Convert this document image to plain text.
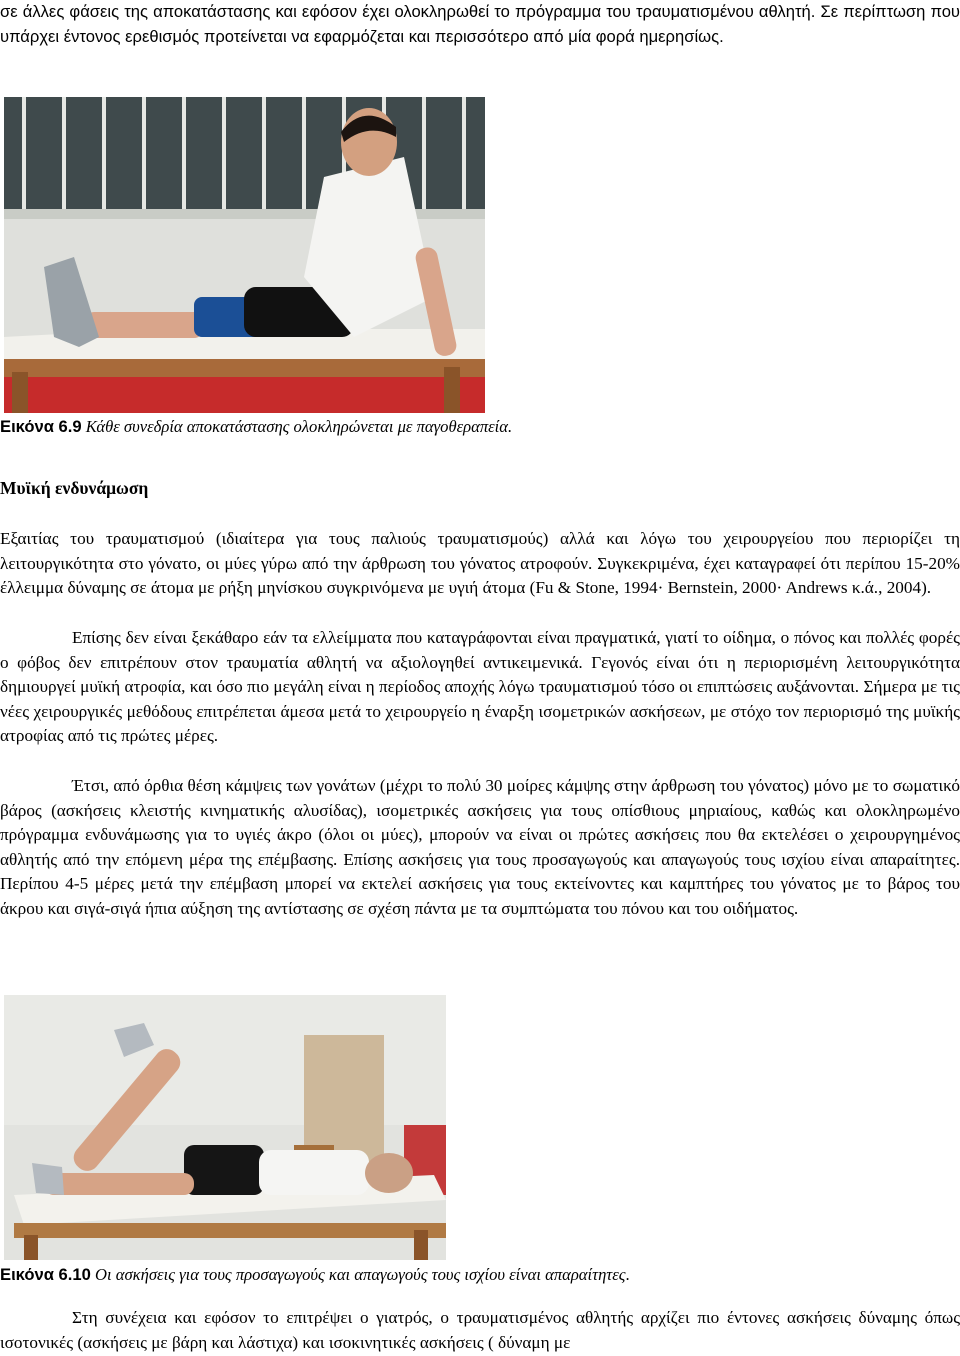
σε άλλες φάσεις της αποκατάστασης και εφόσον έχει ολοκληρωθεί το πρόγραμμα του τραυματισμένου αθλητή. Σε περίπτωση που υπάρχει έντονος ερεθισμός προτείνεται να εφαρμόζεται και περισσότερο από μία φορά ημερησίως.
Εικόνα 6.9 Κάθε συνεδρία αποκατάστασης ολοκληρώνεται με παγοθεραπεία.
Μυϊκή ενδυνάμωση
Εξαιτίας του τραυματισμού (ιδιαίτερα για τους παλιούς τραυματισμούς) αλλά και λόγω του χειρουργείου που περιορίζει τη λειτουργικότητα στο γόνατο, οι μύες γύρω από την άρθρωση του γόνατος ατροφούν. Συγκεκριμένα, έχει καταγραφεί ότι περίπου 15-20% έλλειμμα δύναμης σε άτομα με ρήξη μηνίσκου συγκρινόμενα με υγιή άτομα (Fu & Stone, 1994· Bernstein, 2000· Andrews κ.ά., 2004).
Επίσης δεν είναι ξεκάθαρο εάν τα ελλείμματα που καταγράφονται είναι πραγματικά, γιατί το οίδημα, ο πόνος και πολλές φορές ο φόβος δεν επιτρέπουν στον τραυματία αθλητή να αξιολογηθεί αντικειμενικά. Γεγονός είναι ότι η περιορισμένη λειτουργικότητα δημιουργεί μυϊκή ατροφία, και όσο πιο μεγάλη είναι η περίοδος αποχής λόγω τραυματισμού τόσο οι επιπτώσεις αυξάνονται. Σήμερα με τις νέες χειρουργικές μεθόδους επιτρέπεται άμεσα μετά το χειρουργείο η έναρξη ισομετρικών ασκήσεων, με στόχο τον περιορισμό της μυϊκής ατροφίας από τις πρώτες μέρες.
Έτσι, από όρθια θέση κάμψεις των γονάτων (μέχρι το πολύ 30 μοίρες κάμψης στην άρθρωση του γόνατος) μόνο με το σωματικό βάρος (ασκήσεις κλειστής κινηματικής αλυσίδας), ισομετρικές ασκήσεις για τους οπίσθιους μηριαίους, καθώς και ολοκληρωμένο πρόγραμμα ενδυνάμωσης για το υγιές άκρο (όλοι οι μύες), μπορούν να είναι οι πρώτες ασκήσεις που θα εκτελέσει ο χειρουργημένος αθλητής από την επόμενη μέρα της επέμβασης. Επίσης ασκήσεις για τους προσαγωγούς και απαγωγούς τους ισχίου είναι απαραίτητες. Περίπου 4-5 μέρες μετά την επέμβαση μπορεί να εκτελεί ασκήσεις για τους εκτείνοντες και καμπτήρες του γόνατος με το βάρος του άκρου και σιγά-σιγά ήπια αύξηση της αντίστασης σε σχέση πάντα με τα συμπτώματα του πόνου και του οιδήματος.
Εικόνα 6.10 Οι ασκήσεις για τους προσαγωγούς και απαγωγούς τους ισχίου είναι απαραίτητες.
Στη συνέχεια και εφόσον το επιτρέψει ο γιατρός, ο τραυματισμένος αθλητής αρχίζει πιο έντονες ασκήσεις δύναμης όπως ισοτονικές (ασκήσεις με βάρη και λάστιχα) και ισοκινητικές ασκήσεις ( δύναμη με
